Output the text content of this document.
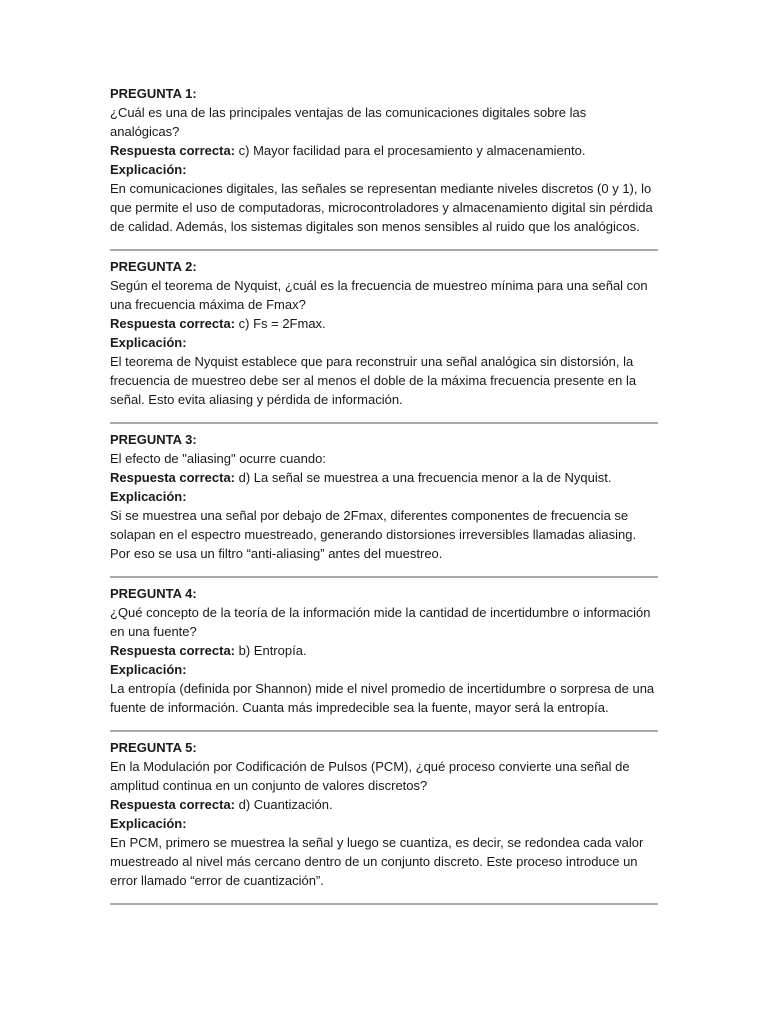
PREGUNTA 1:

¿Cuál es una de las principales ventajas de las comunicaciones digitales sobre las analógicas?

Respuesta correcta: c) Mayor facilidad para el procesamiento y almacenamiento.

Explicación:

En comunicaciones digitales, las señales se representan mediante niveles discretos (0 y 1), lo que permite el uso de computadoras, microcontroladores y almacenamiento digital sin pérdida de calidad. Además, los sistemas digitales son menos sensibles al ruido que los analógicos.

PREGUNTA 2:

Según el teorema de Nyquist, ¿cuál es la frecuencia de muestreo mínima para una señal con una frecuencia máxima de Fmax?

Respuesta correcta: c) Fs = 2Fmax.

Explicación:

El teorema de Nyquist establece que para reconstruir una señal analógica sin distorsión, la frecuencia de muestreo debe ser al menos el doble de la máxima frecuencia presente en la señal. Esto evita aliasing y pérdida de información.

PREGUNTA 3:

El efecto de "aliasing" ocurre cuando:

Respuesta correcta: d) La señal se muestrea a una frecuencia menor a la de Nyquist.

Explicación:

Si se muestrea una señal por debajo de 2Fmax, diferentes componentes de frecuencia se solapan en el espectro muestreado, generando distorsiones irreversibles llamadas aliasing. Por eso se usa un filtro “anti-aliasing” antes del muestreo.

PREGUNTA 4:

¿Qué concepto de la teoría de la información mide la cantidad de incertidumbre o información en una fuente?

Respuesta correcta: b) Entropía.

Explicación:

La entropía (definida por Shannon) mide el nivel promedio de incertidumbre o sorpresa de una fuente de información. Cuanta más impredecible sea la fuente, mayor será la entropía.

PREGUNTA 5:

En la Modulación por Codificación de Pulsos (PCM), ¿qué proceso convierte una señal de amplitud continua en un conjunto de valores discretos?

Respuesta correcta: d) Cuantización.

Explicación:

En PCM, primero se muestrea la señal y luego se cuantiza, es decir, se redondea cada valor muestreado al nivel más cercano dentro de un conjunto discreto. Este proceso introduce un error llamado “error de cuantización”.
